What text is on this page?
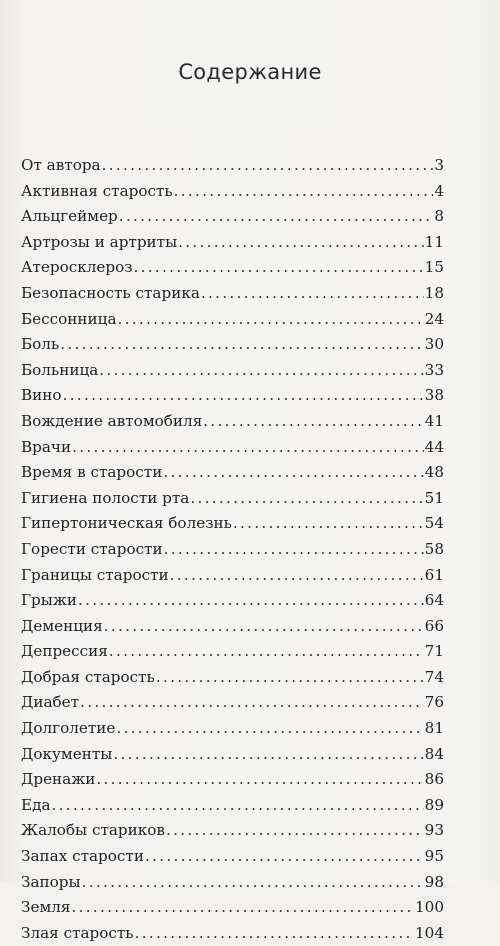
Содержание
От автора .....	3
Активная старость .....	4
Альцгеймер .....	8
Артрозы и артриты .....	11
Атеросклероз .....	15
Безопасность старика .....	18
Бессонница .....	24
Боль .....	30
Больница .....	33
Вино .....	38
Вождение автомобиля .....	41
Врачи .....	44
Время в старости .....	48
Гигиена полости рта .....	51
Гипертоническая болезнь .....	54
Горести старости .....	58
Границы старости .....	61
Грыжи .....	64
Деменция .....	66
Депрессия .....	71
Добрая старость .....	74
Диабет .....	76
Долголетие .....	81
Документы .....	84
Дренажи .....	86
Еда .....	89
Жалобы стариков .....	93
Запах старости .....	95
Запоры .....	98
Земля .....	100
Злая старость .....	104
